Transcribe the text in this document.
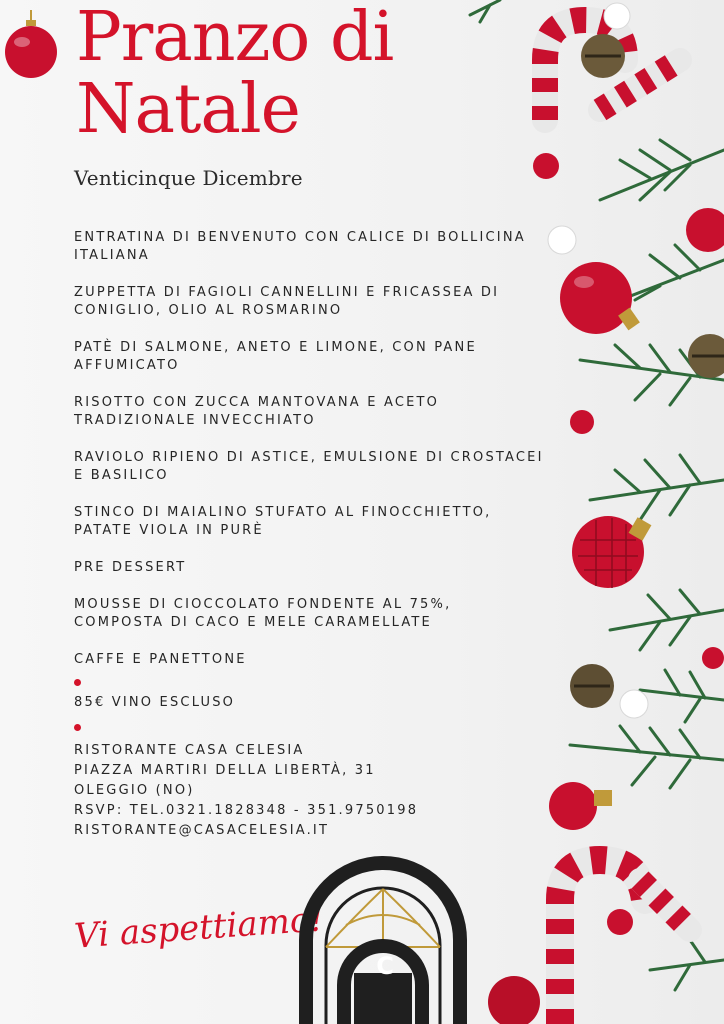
Pranzo di
Natale
Venticinque Dicembre
ENTRATINA DI BENVENUTO CON CALICE DI BOLLICINA ITALIANA
ZUPPETTA DI FAGIOLI CANNELLINI E FRICASSEA DI CONIGLIO, OLIO AL ROSMARINO
PATÈ DI SALMONE, ANETO E LIMONE, CON PANE AFFUMICATO
RISOTTO CON ZUCCA MANTOVANA E ACETO TRADIZIONALE INVECCHIATO
RAVIOLO RIPIENO DI ASTICE, EMULSIONE DI CROSTACEI E BASILICO
STINCO DI MAIALINO STUFATO AL FINOCCHIETTO, PATATE VIOLA IN PURÈ
PRE DESSERT
MOUSSE DI CIOCCOLATO FONDENTE AL 75%, COMPOSTA DI CACO E MELE CARAMELLATE
CAFFE E PANETTONE
85€ VINO ESCLUSO
RISTORANTE CASA CELESIA
PIAZZA MARTIRI DELLA LIBERTÀ, 31
OLEGGIO (NO)
RSVP: TEL.0321.1828348 - 351.9750198
RISTORANTE@CASACELESIA.IT
Vi aspettiamo!
C
